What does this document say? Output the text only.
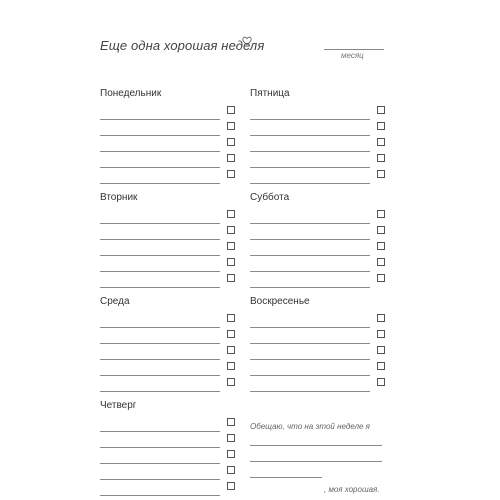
Еще одна хорошая неделя
месяц
Понедельник
Вторник
Среда
Четверг
Пятница
Суббота
Воскресенье
Обещаю, что на этой неделе я
, моя хорошая.
